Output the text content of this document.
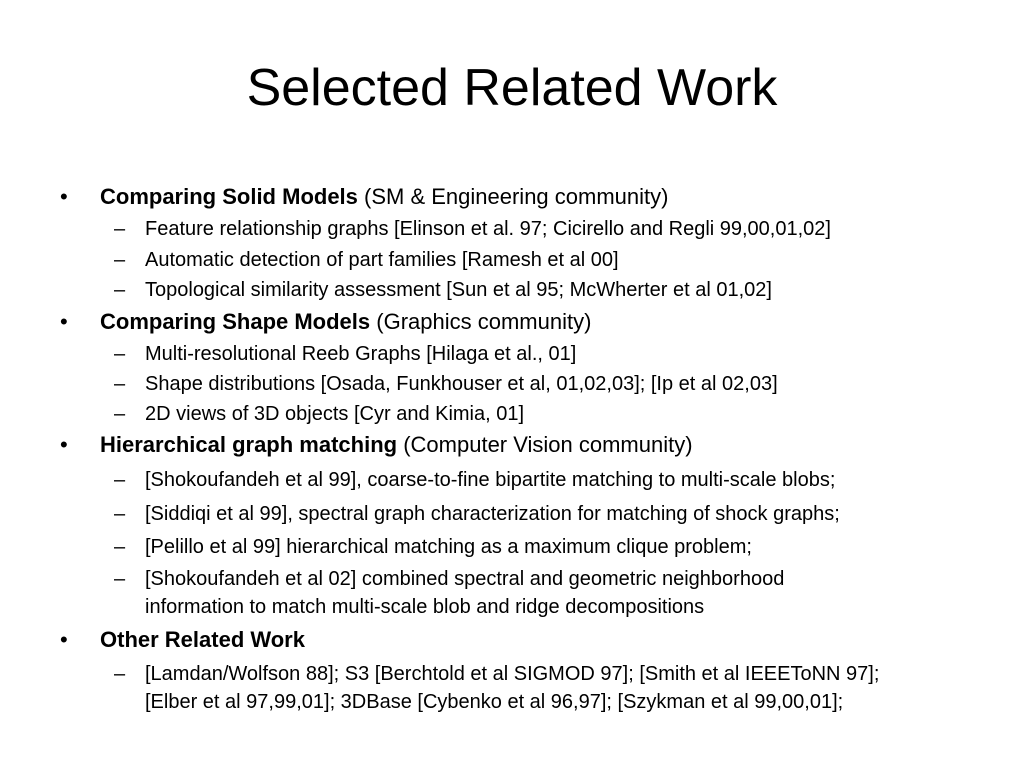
Selected Related Work

• Comparing Solid Models (SM & Engineering community)

– Feature relationship graphs [Elinson et al. 97; Cicirello and Regli 99,00,01,02]

– Automatic detection of part families [Ramesh et al 00]

– Topological similarity assessment [Sun et al 95; McWherter et al 01,02]

• Comparing Shape Models (Graphics community)

– Multi-resolutional Reeb Graphs [Hilaga et al., 01]

– Shape distributions [Osada, Funkhouser et al, 01,02,03]; [Ip et al 02,03]

– 2D views of 3D objects [Cyr and Kimia, 01]

• Hierarchical graph matching (Computer Vision community)

– [Shokoufandeh et al 99], coarse-to-fine bipartite matching to multi-scale blobs;

– [Siddiqi et al 99], spectral graph characterization for matching of shock graphs;

– [Pelillo et al 99] hierarchical matching as a maximum clique problem;

– [Shokoufandeh et al 02] combined spectral and geometric neighborhood
information to match multi-scale blob and ridge decompositions

• Other Related Work

– [Lamdan/Wolfson 88]; S3 [Berchtold et al SIGMOD 97]; [Smith et al IEEEToNN 97];
[Elber et al 97,99,01]; 3DBase [Cybenko et al 96,97]; [Szykman et al 99,00,01];
